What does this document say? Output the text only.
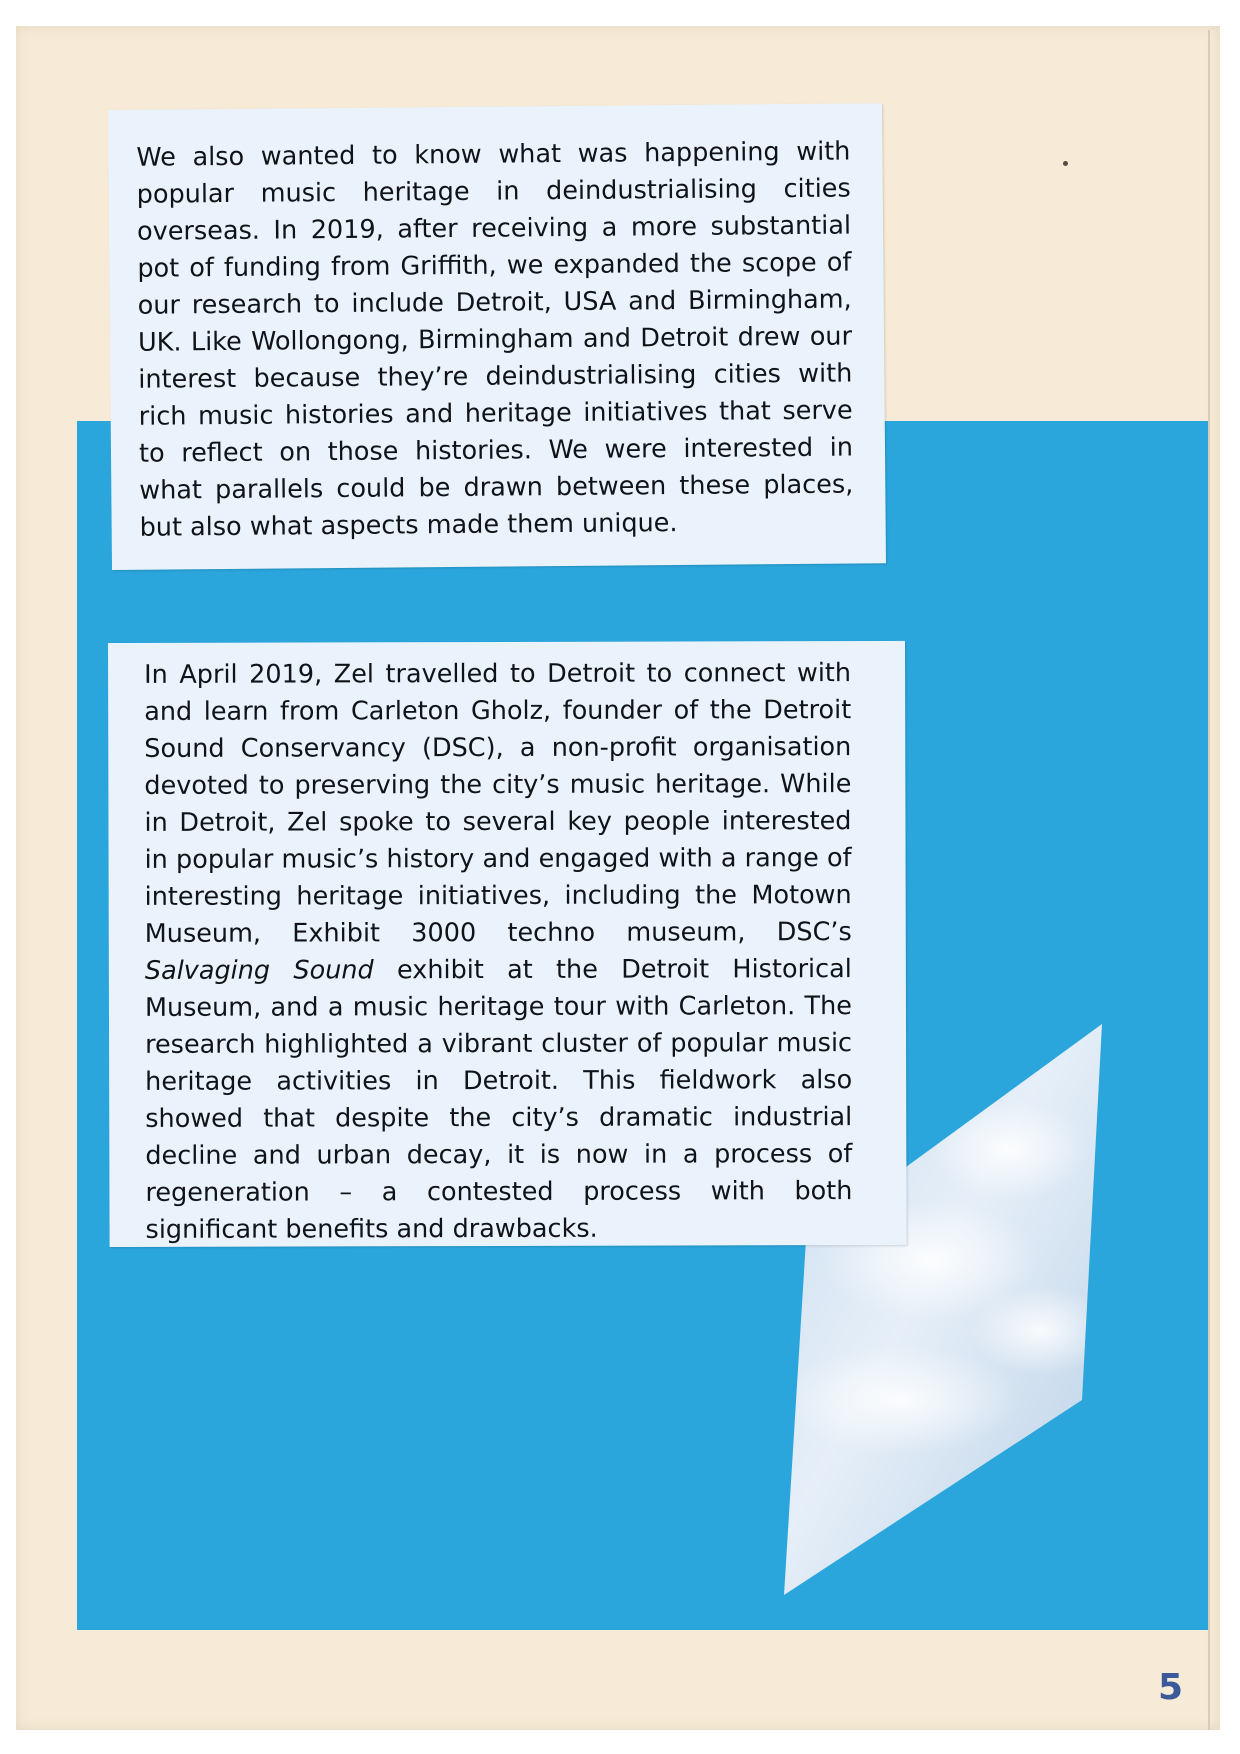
We also wanted to know what was happening with popular music heritage in deindustrialising cities overseas. In 2019, after receiving a more substantial pot of funding from Griffith, we expanded the scope of our research to include Detroit, USA and Birmingham, UK. Like Wollongong, Birmingham and Detroit drew our interest because they’re deindustrialising cities with rich music histories and heritage initiatives that serve to reflect on those histories. We were interested in what parallels could be drawn between these places, but also what aspects made them unique.
In April 2019, Zel travelled to Detroit to connect with and learn from Carleton Gholz, founder of the Detroit Sound Conservancy (DSC), a non-profit organisation devoted to preserving the city’s music heritage. While in Detroit, Zel spoke to several key people interested in popular music’s history and engaged with a range of interesting heritage initiatives, including the Motown Museum, Exhibit 3000 techno museum, DSC’s Salvaging Sound exhibit at the Detroit Historical Museum, and a music heritage tour with Carleton. The research highlighted a vibrant cluster of popular music heritage activities in Detroit. This fieldwork also showed that despite the city’s dramatic industrial decline and urban decay, it is now in a process of regeneration – a contested process with both significant benefits and drawbacks.
5
